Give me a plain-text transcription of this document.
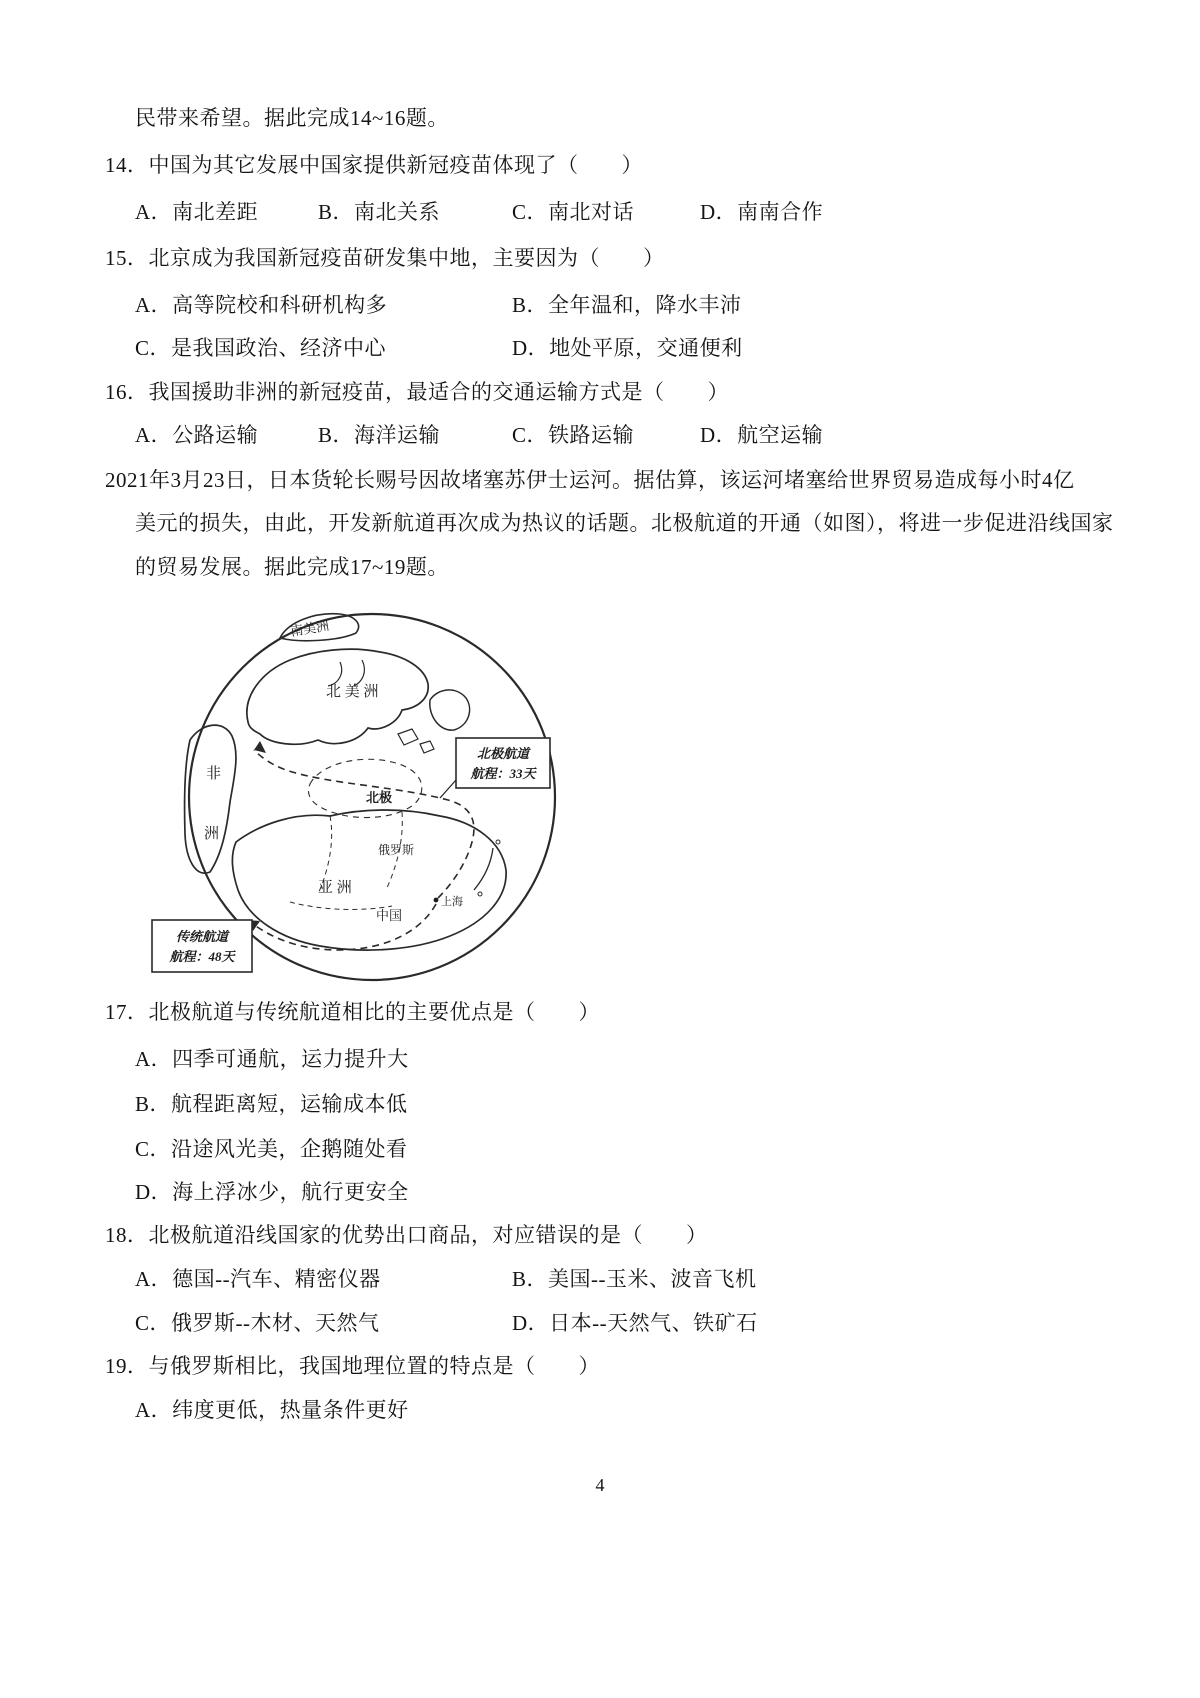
民带来希望。据此完成14~16题。
14．中国为其它发展中国家提供新冠疫苗体现了（　　）
A．南北差距	B．南北关系	C．南北对话	D．南南合作
15．北京成为我国新冠疫苗研发集中地，主要因为（　　）
A．高等院校和科研机构多	B．全年温和，降水丰沛
C．是我国政治、经济中心	D．地处平原，交通便利
16．我国援助非洲的新冠疫苗，最适合的交通运输方式是（　　）
A．公路运输	B．海洋运输	C．铁路运输	D．航空运输
2021年3月23日，日本货轮长赐号因故堵塞苏伊士运河。据估算，该运河堵塞给世界贸易造成每小时4亿
美元的损失，由此，开发新航道再次成为热议的话题。北极航道的开通（如图），将进一步促进沿线国家
的贸易发展。据此完成17~19题。
南美洲
北 美 洲
非
洲
北极
俄罗斯
亚 洲
中国
上海
北极航道
航程：33天
传统航道
航程：48天
17．北极航道与传统航道相比的主要优点是（　　）
A．四季可通航，运力提升大
B．航程距离短，运输成本低
C．沿途风光美，企鹅随处看
D．海上浮冰少，航行更安全
18．北极航道沿线国家的优势出口商品，对应错误的是（　　）
A．德国--汽车、精密仪器	B．美国--玉米、波音飞机
C．俄罗斯--木材、天然气	D．日本--天然气、铁矿石
19．与俄罗斯相比，我国地理位置的特点是（　　）
A．纬度更低，热量条件更好
4
